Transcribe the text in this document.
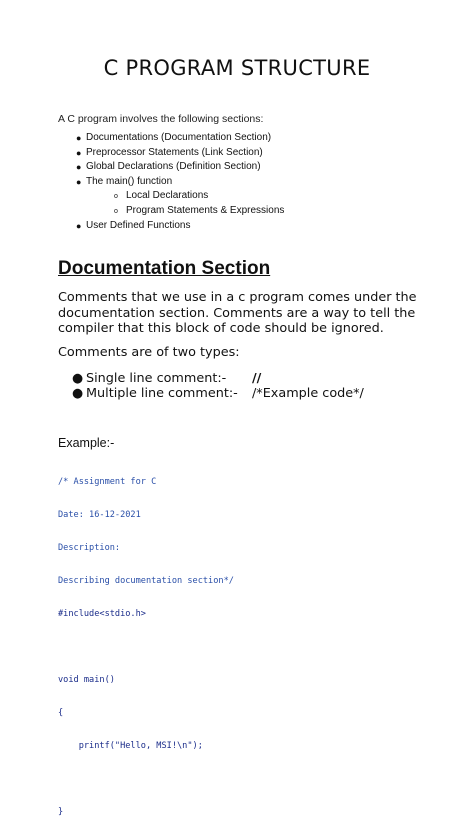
C PROGRAM STRUCTURE
A C program involves the following sections:
● Documentations (Documentation Section)
● Preprocessor Statements (Link Section)
● Global Declarations (Definition Section)
● The main() function
o Local Declarations
o Program Statements & Expressions
● User Defined Functions
Documentation Section
Comments that we use in a c program comes under the documentation section. Comments are a way to tell the compiler that this block of code should be ignored.
Comments are of two types:
● Single line comment:- //
● Multiple line comment:- /*Example code*/
Example:-

/* Assignment for C

Date: 16-12-2021

Description:

Describing documentation section*/

#include<stdio.h>

void main()

{

printf("Hello, MSI!\n");

}
